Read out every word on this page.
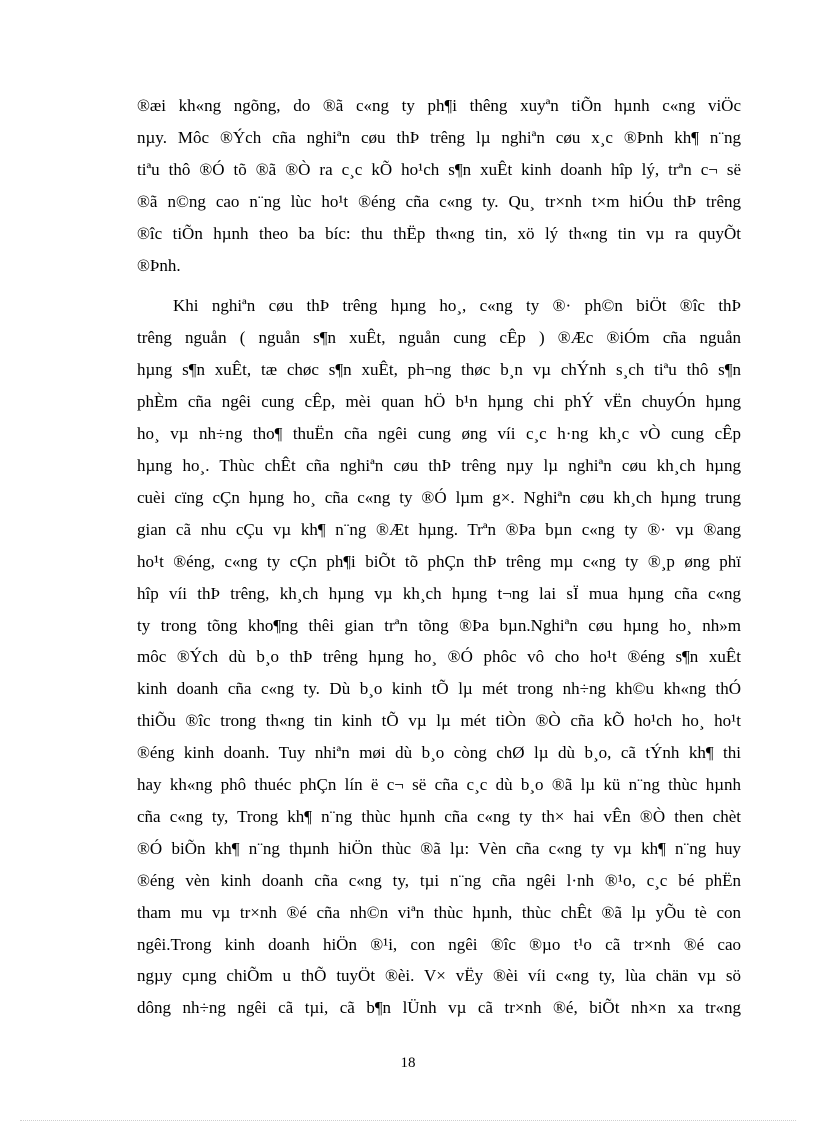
®æi kh«ng ngõng, do ®ã c«ng ty ph¶i thêng xuyªn tiÕn hµnh c«ng viÖc
nµy. Môc ®Ých cña nghiªn cøu thÞ trêng lµ nghiªn cøu x¸c ®Þnh kh¶ n¨ng
tiªu thô ®Ó tõ ®ã ®Ò ra c¸c kÕ ho¹ch s¶n xuÊt kinh doanh hîp lý, trªn c¬ së
®ã n©ng cao n¨ng lùc ho¹t ®éng cña c«ng ty. Qu¸ tr×nh t×m hiÓu thÞ trêng
®îc tiÕn hµnh theo ba bíc: thu thËp th«ng tin, xö lý th«ng tin vµ ra quyÕt
®Þnh.
Khi nghiªn cøu thÞ trêng hµng ho¸, c«ng ty ®· ph©n biÖt ®îc thÞ
trêng nguån ( nguån s¶n xuÊt, nguån cung cÊp ) ®Æc ®iÓm cña nguån
hµng s¶n xuÊt, tæ chøc s¶n xuÊt, ph¬ng thøc b¸n vµ chÝnh s¸ch tiªu thô s¶n
phÈm cña ngêi cung cÊp, mèi quan hÖ b¹n hµng chi phÝ vËn chuyÓn hµng
ho¸ vµ nh÷ng tho¶ thuËn cña ngêi cung øng víi c¸c h·ng kh¸c vÒ cung cÊp
hµng ho¸. Thùc chÊt cña nghiªn cøu thÞ trêng nµy lµ nghiªn cøu kh¸ch hµng
cuèi cïng cÇn hµng ho¸ cña c«ng ty ®Ó lµm g×. Nghiªn cøu kh¸ch hµng trung
gian cã nhu cÇu vµ kh¶ n¨ng ®Æt hµng. Trªn ®Þa bµn c«ng ty ®· vµ ®ang
ho¹t ®éng, c«ng ty cÇn ph¶i biÕt tõ phÇn thÞ trêng mµ c«ng ty ®¸p øng phï
hîp víi thÞ trêng, kh¸ch hµng vµ kh¸ch hµng t¬ng lai sÏ mua hµng cña c«ng
ty trong tõng kho¶ng thêi gian trªn tõng ®Þa bµn.Nghiªn cøu hµng ho¸ nh»m
môc ®Ých dù b¸o thÞ trêng hµng ho¸ ®Ó phôc vô cho ho¹t ®éng s¶n xuÊt
kinh doanh cña c«ng ty. Dù b¸o kinh tÕ lµ mét trong nh÷ng kh©u kh«ng thÓ
thiÕu ®îc trong th«ng tin kinh tÕ vµ lµ mét tiÒn ®Ò cña kÕ ho¹ch ho¸ ho¹t
®éng kinh doanh. Tuy nhiªn møi dù b¸o còng chØ lµ dù b¸o, cã tÝnh kh¶ thi
hay kh«ng phô thuéc phÇn lín ë c¬ së cña c¸c dù b¸o ®ã lµ kü n¨ng thùc hµnh
cña c«ng ty, Trong kh¶ n¨ng thùc hµnh cña c«ng ty th× hai vÊn ®Ò then chèt
®Ó biÕn kh¶ n¨ng thµnh hiÖn thùc ®ã lµ: Vèn cña c«ng ty vµ kh¶ n¨ng huy
®éng vèn kinh doanh cña c«ng ty, tµi n¨ng cña ngêi l·nh ®¹o, c¸c bé phËn
tham mu vµ tr×nh ®é cña nh©n viªn thùc hµnh, thùc chÊt ®ã lµ yÕu tè con
ngêi.Trong kinh doanh hiÖn ®¹i, con ngêi ®îc ®µo t¹o cã tr×nh ®é cao
ngµy cµng chiÕm u thÕ tuyÖt ®èi. V× vËy ®èi víi c«ng ty, lùa chän vµ sö
dông nh÷ng ngêi cã tµi, cã b¶n lÜnh vµ cã tr×nh ®é, biÕt nh×n xa tr«ng
18
